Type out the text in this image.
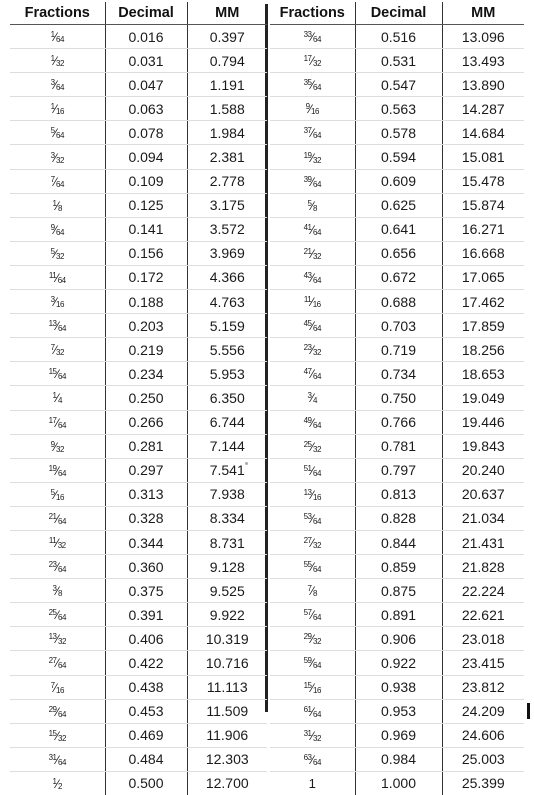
Fractions	Decimal	MM
$^1⁄_{64}$	0.016	0.397
$^1⁄_{32}$	0.031	0.794
$^3⁄_{64}$	0.047	1.191
$^1⁄_{16}$	0.063	1.588
$^5⁄_{64}$	0.078	1.984
$^3⁄_{32}$	0.094	2.381
$^7⁄_{64}$	0.109	2.778
$^1⁄_8$	0.125	3.175
$^9⁄_{64}$	0.141	3.572
$^5⁄_{32}$	0.156	3.969
$^{11}⁄_{64}$	0.172	4.366
$^3⁄_{16}$	0.188	4.763
$^{13}⁄_{64}$	0.203	5.159
$^7⁄_{32}$	0.219	5.556
$^{15}⁄_{64}$	0.234	5.953
$^1⁄_4$	0.250	6.350
$^{17}⁄_{64}$	0.266	6.744
$^9⁄_{32}$	0.281	7.144
$^{19}⁄_{64}$	0.297	7.541
$^5⁄_{16}$	0.313	7.938
$^{21}⁄_{64}$	0.328	8.334
$^{11}⁄_{32}$	0.344	8.731
$^{23}⁄_{64}$	0.360	9.128
$^3⁄_8$	0.375	9.525
$^{25}⁄_{64}$	0.391	9.922
$^{13}⁄_{32}$	0.406	10.319
$^{27}⁄_{64}$	0.422	10.716
$^7⁄_{16}$	0.438	11.113
$^{29}⁄_{64}$	0.453	11.509
$^{15}⁄_{32}$	0.469	11.906
$^{31}⁄_{64}$	0.484	12.303
$^1⁄_2$	0.500	12.700
Fractions	Decimal	MM
$^{33}⁄_{64}$	0.516	13.096
$^{17}⁄_{32}$	0.531	13.493
$^{35}⁄_{64}$	0.547	13.890
$^9⁄_{16}$	0.563	14.287
$^{37}⁄_{64}$	0.578	14.684
$^{19}⁄_{32}$	0.594	15.081
$^{39}⁄_{64}$	0.609	15.478
$^5⁄_8$	0.625	15.874
$^{41}⁄_{64}$	0.641	16.271
$^{21}⁄_{32}$	0.656	16.668
$^{43}⁄_{64}$	0.672	17.065
$^{11}⁄_{16}$	0.688	17.462
$^{45}⁄_{64}$	0.703	17.859
$^{23}⁄_{32}$	0.719	18.256
$^{47}⁄_{64}$	0.734	18.653
$^3⁄_4$	0.750	19.049
$^{49}⁄_{64}$	0.766	19.446
$^{25}⁄_{32}$	0.781	19.843
$^{51}⁄_{64}$	0.797	20.240
$^{13}⁄_{16}$	0.813	20.637
$^{53}⁄_{64}$	0.828	21.034
$^{27}⁄_{32}$	0.844	21.431
$^{55}⁄_{64}$	0.859	21.828
$^7⁄_8$	0.875	22.224
$^{57}⁄_{64}$	0.891	22.621
$^{29}⁄_{32}$	0.906	23.018
$^{59}⁄_{64}$	0.922	23.415
$^{15}⁄_{16}$	0.938	23.812
$^{61}⁄_{64}$	0.953	24.209
$^{31}⁄_{32}$	0.969	24.606
$^{63}⁄_{64}$	0.984	25.003
1	1.000	25.399
